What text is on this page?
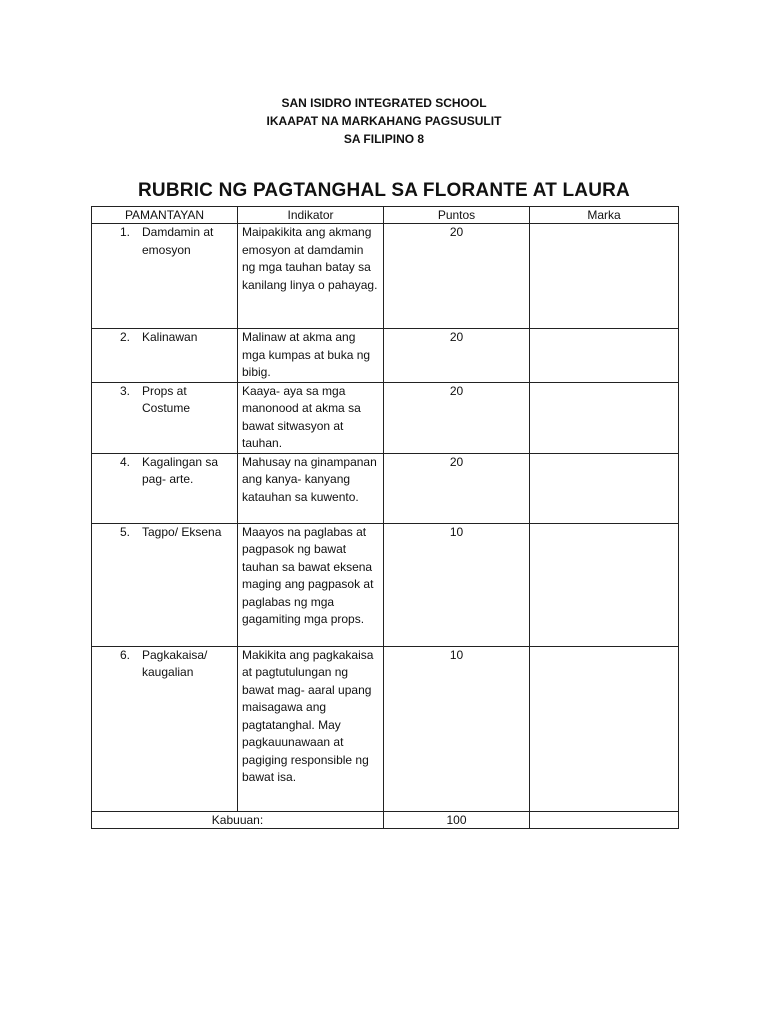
SAN ISIDRO INTEGRATED SCHOOL
IKAAPAT NA MARKAHANG PAGSUSULIT
SA FILIPINO 8
RUBRIC NG PAGTANGHAL SA FLORANTE AT LAURA
PAMANTAYAN	Indikator	Puntos	Marka

1. Damdamin at emosyon	Maipakikita ang akmang emosyon at damdamin ng mga tauhan batay sa kanilang linya o pahayag.	20	

2. Kalinawan	Malinaw at akma ang mga kumpas at buka ng bibig.	20	

3. Props at Costume	Kaaya- aya sa mga manonood at akma sa bawat sitwasyon at tauhan.	20	

4. Kagalingan sa pag- arte.	Mahusay na ginampanan ang kanya- kanyang katauhan sa kuwento.	20	

5. Tagpo/ Eksena	Maayos na paglabas at pagpasok ng bawat tauhan sa bawat eksena maging ang pagpasok at paglabas ng mga gagamiting mga props.	10	

6. Pagkakaisa/ kaugalian	Makikita ang pagkakaisa at pagtutulungan ng bawat mag- aaral upang maisagawa ang pagtatanghal. May pagkauunawaan at pagiging responsible ng bawat isa.	10	
Kabuuan:		100	
